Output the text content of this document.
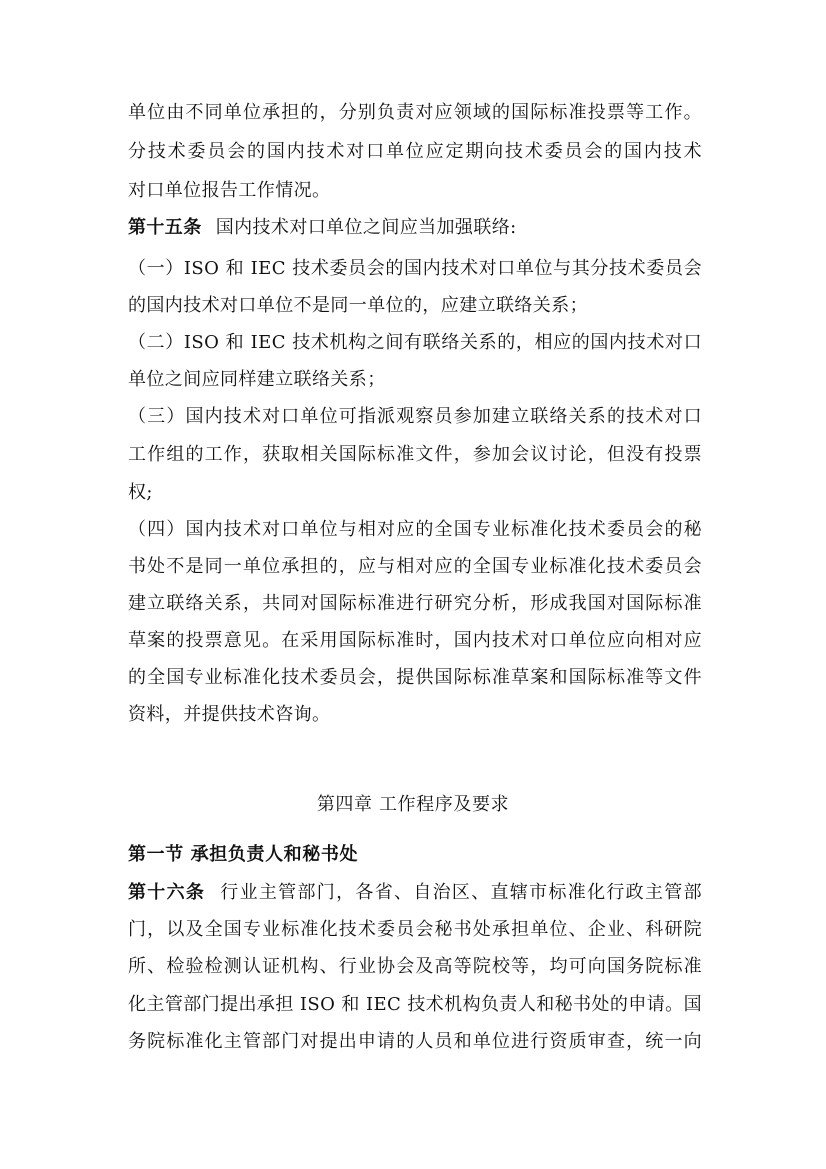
单位由不同单位承担的，分别负责对应领域的国际标准投票等工作。
分技术委员会的国内技术对口单位应定期向技术委员会的国内技术
对口单位报告工作情况。
第十五条 国内技术对口单位之间应当加强联络:
（一）ISO 和 IEC 技术委员会的国内技术对口单位与其分技术委员会
的国内技术对口单位不是同一单位的，应建立联络关系；
（二）ISO 和 IEC 技术机构之间有联络关系的，相应的国内技术对口
单位之间应同样建立联络关系；
（三）国内技术对口单位可指派观察员参加建立联络关系的技术对口
工作组的工作，获取相关国际标准文件，参加会议讨论，但没有投票
权;
（四）国内技术对口单位与相对应的全国专业标准化技术委员会的秘
书处不是同一单位承担的，应与相对应的全国专业标准化技术委员会
建立联络关系，共同对国际标准进行研究分析，形成我国对国际标准
草案的投票意见。在采用国际标准时，国内技术对口单位应向相对应
的全国专业标准化技术委员会，提供国际标准草案和国际标准等文件
资料，并提供技术咨询。
第四章 工作程序及要求
第一节 承担负责人和秘书处
第十六条 行业主管部门，各省、自治区、直辖市标准化行政主管部
门，以及全国专业标准化技术委员会秘书处承担单位、企业、科研院
所、检验检测认证机构、行业协会及高等院校等，均可向国务院标准
化主管部门提出承担 ISO 和 IEC 技术机构负责人和秘书处的申请。国
务院标准化主管部门对提出申请的人员和单位进行资质审查，统一向
